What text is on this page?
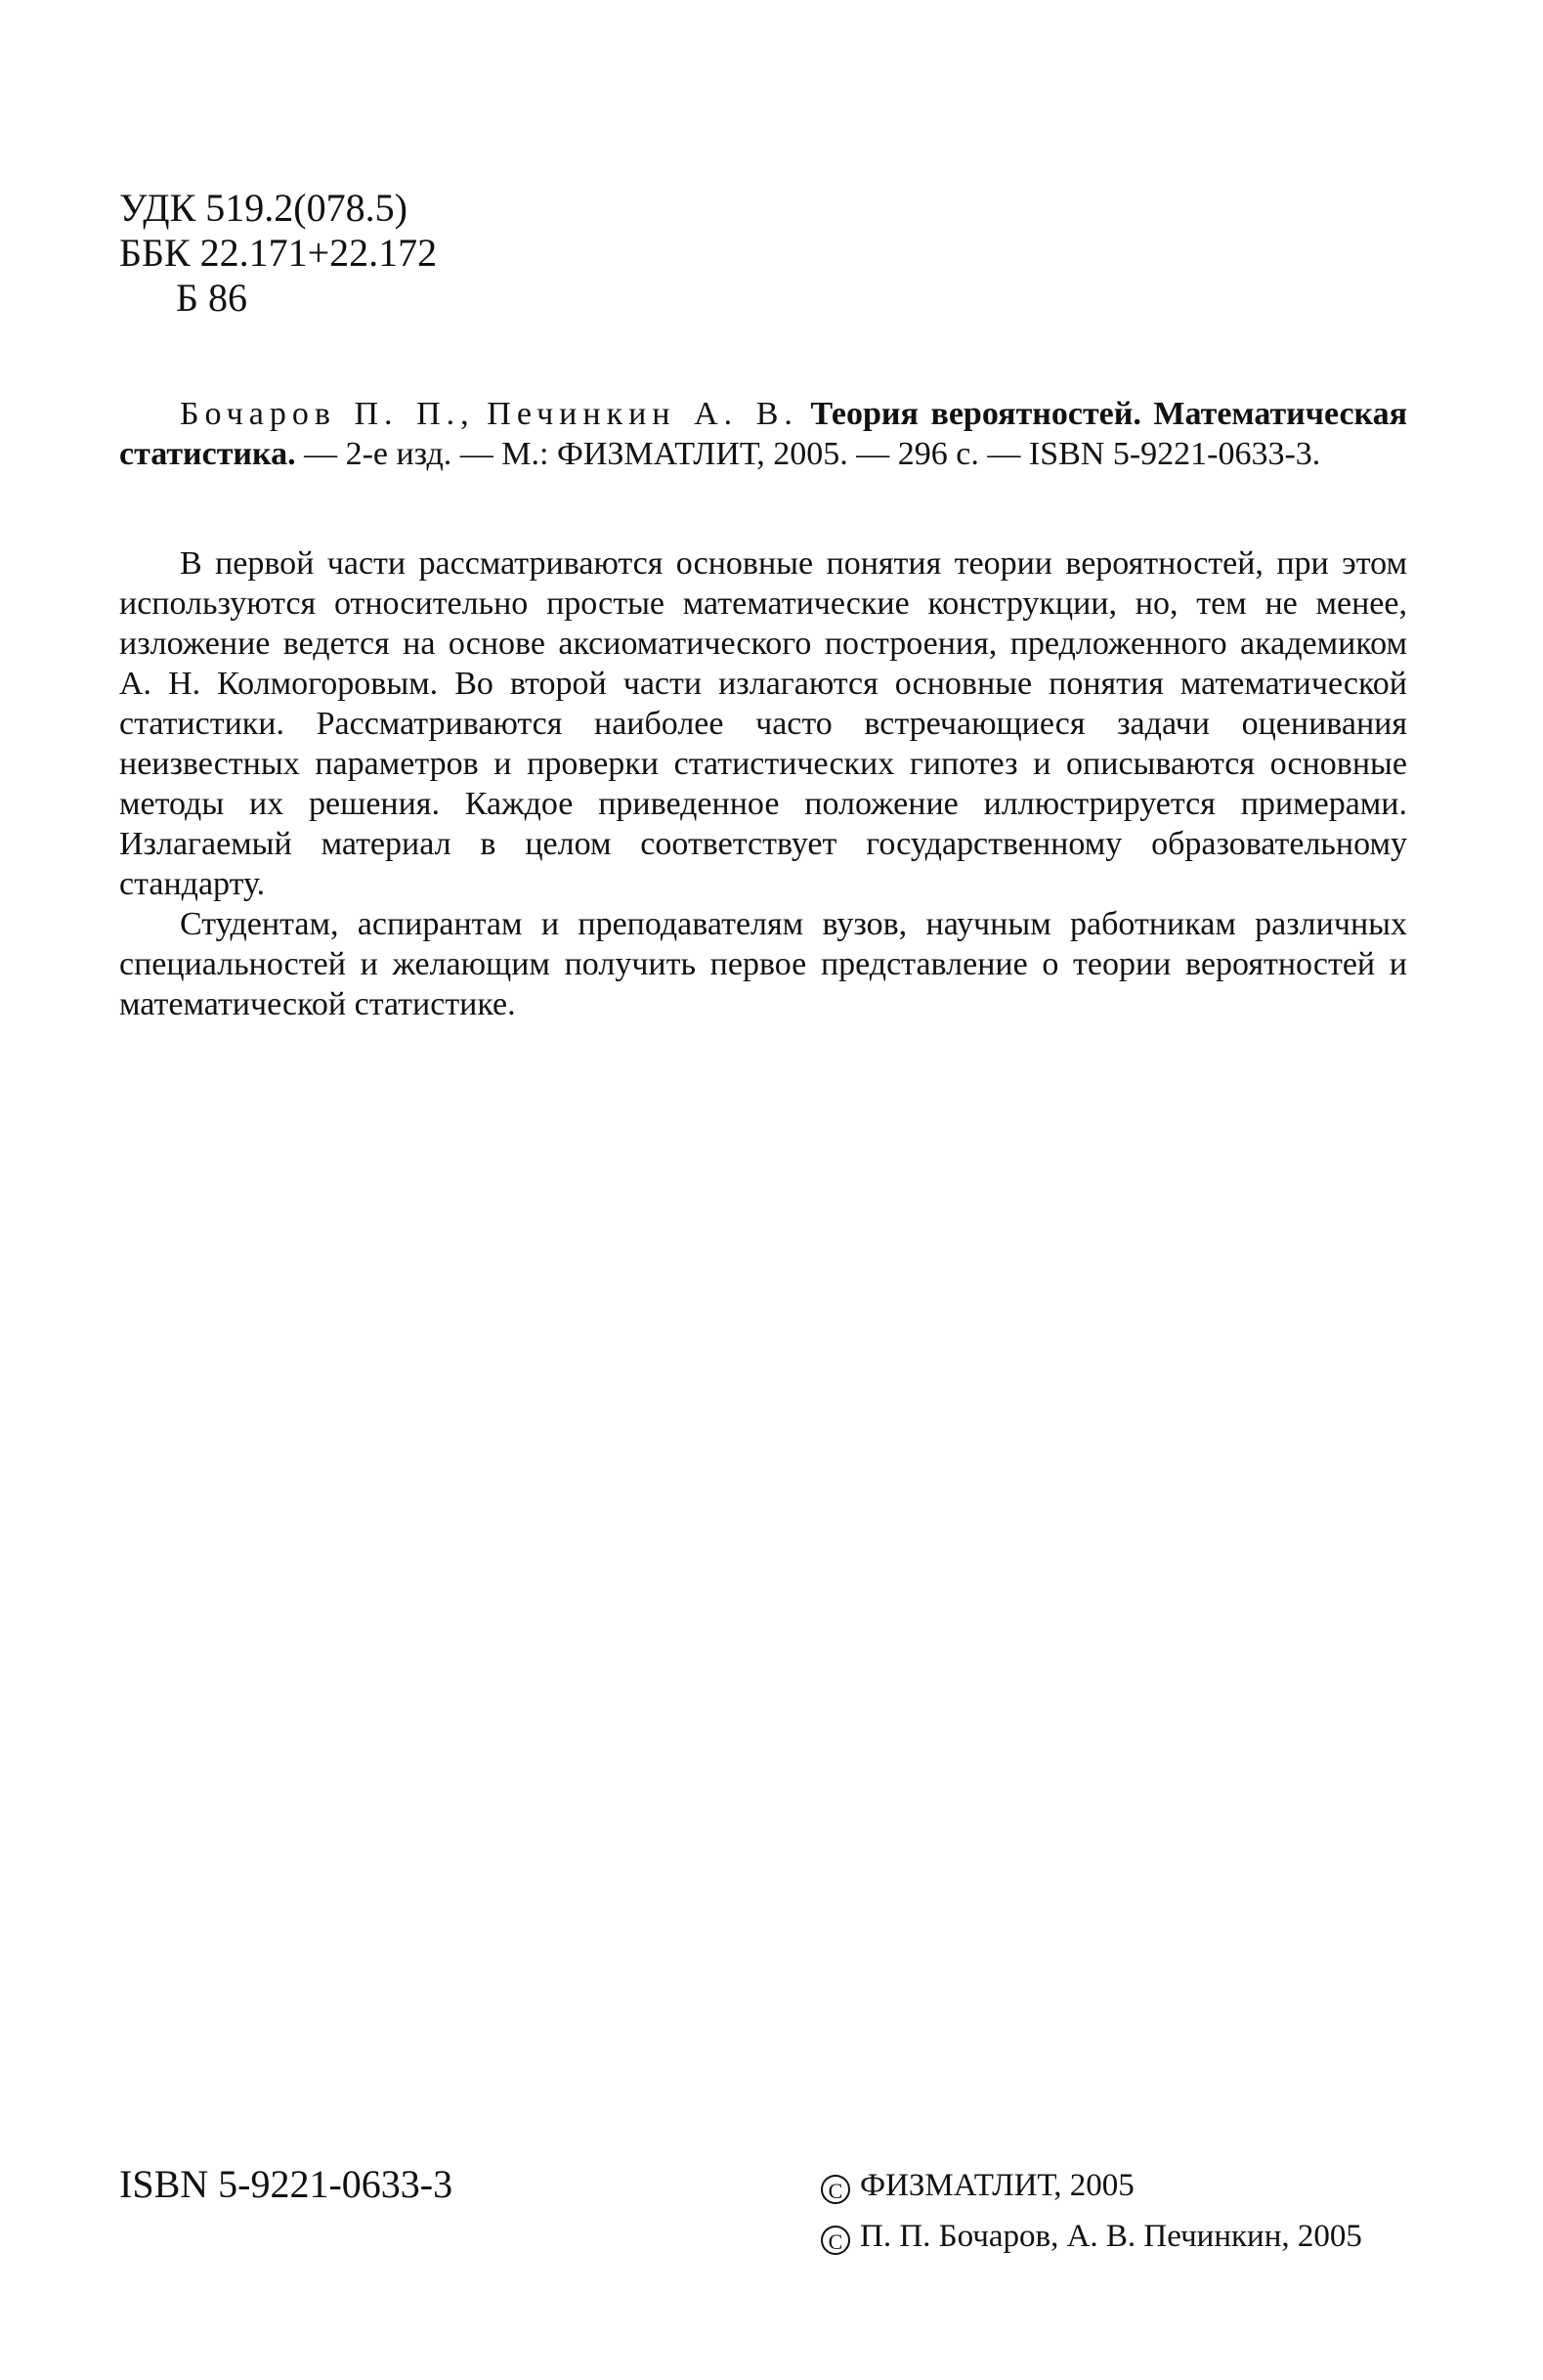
УДК 519.2(078.5)
ББК 22.171+22.172
Б 86

Бочаров П. П., Печинкин А. В. Теория вероятностей. Математическая статистика. — 2-е изд. — М.: ФИЗМАТЛИТ, 2005. — 296 с. — ISBN 5-9221-0633-3.

В первой части рассматриваются основные понятия теории вероятностей, при этом используются относительно простые математические конструкции, но, тем не менее, изложение ведется на основе аксиоматического построения, предложенного академиком А. Н. Колмогоровым. Во второй части излагаются основные понятия математической статистики. Рассматриваются наиболее часто встречающиеся задачи оценивания неизвестных параметров и проверки статистических гипотез и описываются основные методы их решения. Каждое приведенное положение иллюстрируется примерами. Излагаемый материал в целом соответствует государственному образовательному стандарту.

Студентам, аспирантам и преподавателям вузов, научным работникам различных специальностей и желающим получить первое представление о теории вероятностей и математической статистике.

ISBN 5-9221-0633-3	C ФИЗМАТЛИТ, 2005
C П. П. Бочаров, А. В. Печинкин, 2005
